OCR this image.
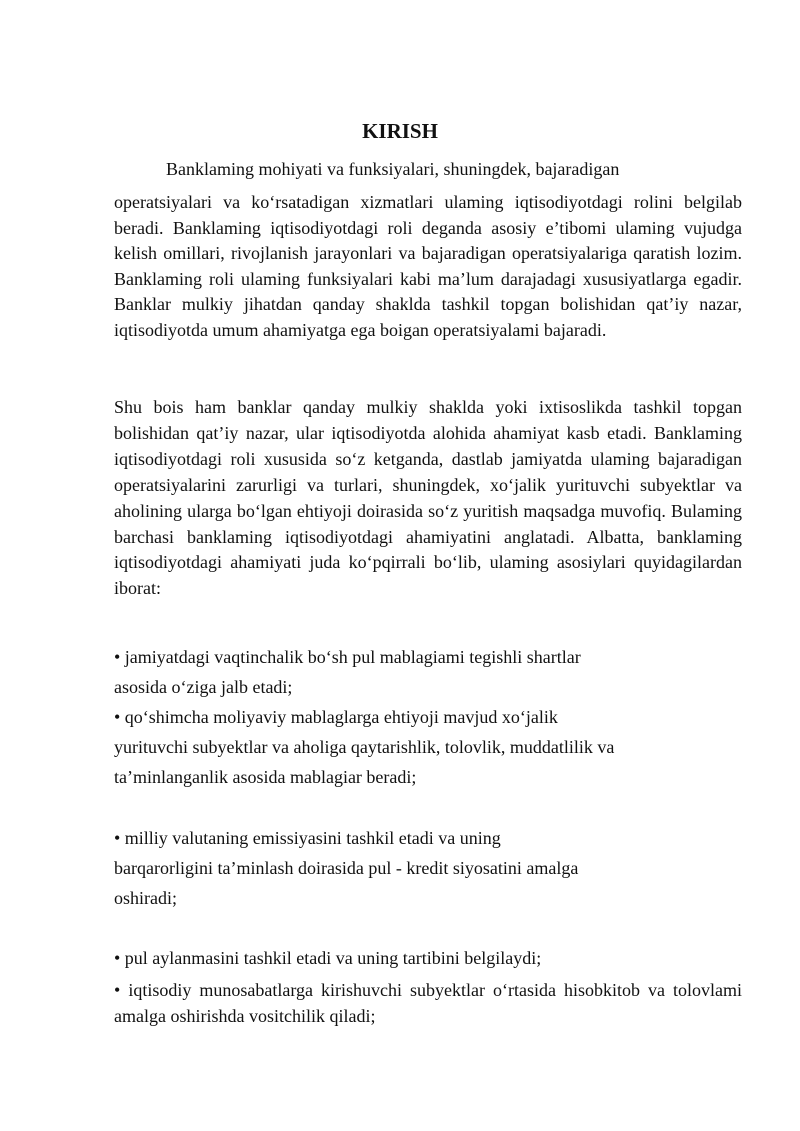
KIRISH

Banklaming mohiyati va funksiyalari, shuningdek, bajaradigan
operatsiyalari va ko‘rsatadigan xizmatlari ulaming iqtisodiyotdagi rolini belgilab beradi. Banklaming iqtisodiyotdagi roli deganda asosiy e’tibomi ulaming vujudga kelish omillari, rivojlanish jarayonlari va bajaradigan operatsiyalariga qaratish lozim. Banklaming roli ulaming funksiyalari kabi ma’lum darajadagi xususiyatlarga egadir. Banklar mulkiy jihatdan qanday shaklda tashkil topgan bolishidan qat’iy nazar, iqtisodiyotda umum ahamiyatga ega boigan operatsiyalami bajaradi.

Shu bois ham banklar qanday mulkiy shaklda yoki ixtisoslikda tashkil topgan bolishidan qat’iy nazar, ular iqtisodiyotda alohida ahamiyat kasb etadi. Banklaming iqtisodiyotdagi roli xususida so‘z ketganda, dastlab jamiyatda ulaming bajaradigan operatsiyalarini zarurligi va turlari, shuningdek, xo‘jalik yurituvchi subyektlar va aholining ularga bo‘lgan ehtiyoji doirasida so‘z yuritish maqsadga muvofiq. Bulaming barchasi banklaming iqtisodiyotdagi ahamiyatini anglatadi. Albatta, banklaming iqtisodiyotdagi ahamiyati juda ko‘pqirrali bo‘lib, ulaming asosiylari quyidagilardan iborat:

• jamiyatdagi vaqtinchalik bo‘sh pul mablagiami tegishli shartlar
asosida o‘ziga jalb etadi;
• qo‘shimcha moliyaviy mablaglarga ehtiyoji mavjud xo‘jalik
yurituvchi subyektlar va aholiga qaytarishlik, tolovlik, muddatlilik va
ta’minlanganlik asosida mablagiar beradi;
• milliy valutaning emissiyasini tashkil etadi va uning
barqarorligini ta’minlash doirasida pul - kredit siyosatini amalga
oshiradi;
• pul aylanmasini tashkil etadi va uning tartibini belgilaydi;
• iqtisodiy munosabatlarga kirishuvchi subyektlar o‘rtasida hisobkitob va tolovlami amalga oshirishda vositchilik qiladi;
